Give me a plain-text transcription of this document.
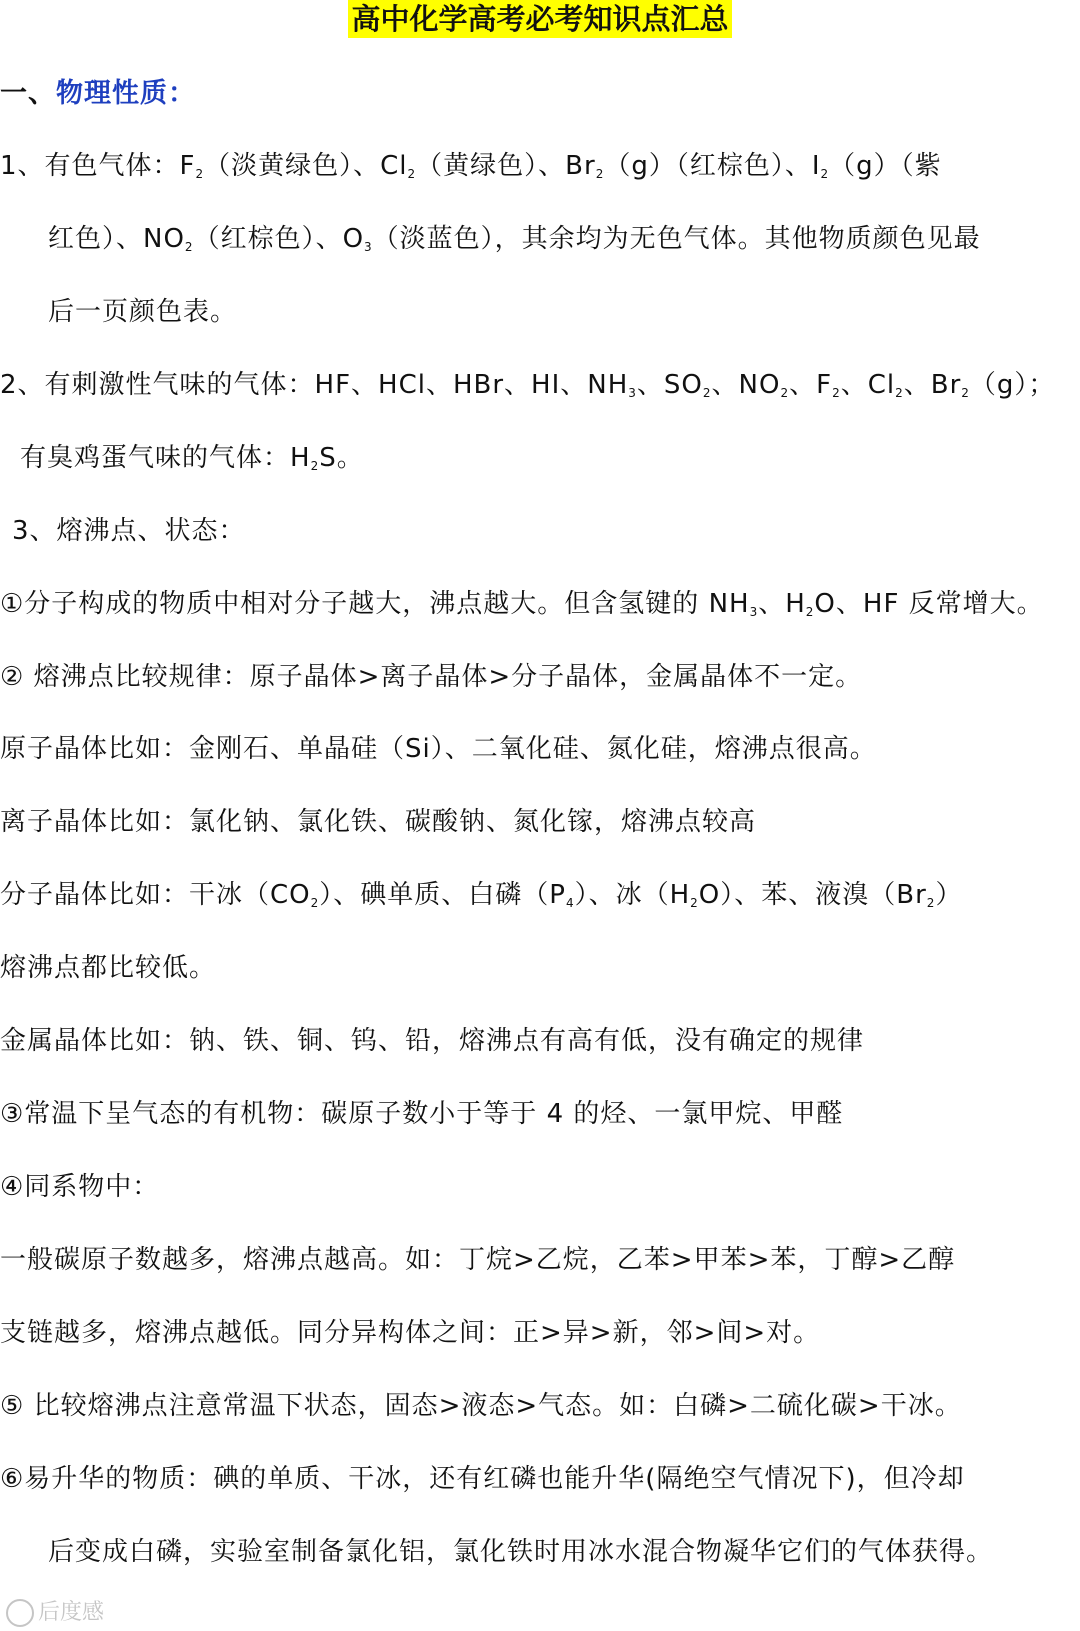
高中化学高考必考知识点汇总
一、物理性质：
1、有色气体：$F_2$（淡黄绿色）、$Cl_2$（黄绿色）、$Br_2(g)$（红棕色）、$I_2(g)$（紫
红色）、$NO_2$（红棕色）、$O_3$（淡蓝色），其余均为无色气体。其他物质颜色见最
后一页颜色表。
2、有刺激性气味的气体：HF、HCl、HBr、HI、$NH_3$、$SO_2$、$NO_2$、$F_2$、$Cl_2$、$Br_2(g)$；
有臭鸡蛋气味的气体：$H_2S$。
3、熔沸点、状态：
①分子构成的物质中相对分子越大，沸点越大。但含氢键的 $NH_3$、$H_2O$、HF 反常增大。
② 熔沸点比较规律：原子晶体>离子晶体>分子晶体，金属晶体不一定。
原子晶体比如：金刚石、单晶硅（Si）、二氧化硅、氮化硅，熔沸点很高。
离子晶体比如：氯化钠、氯化铁、碳酸钠、氮化镓，熔沸点较高
分子晶体比如：干冰$(CO_2)$、碘单质、白磷$(P_4)$、冰$(H_2O)$、苯、液溴$(Br_2)$
熔沸点都比较低。
金属晶体比如：钠、铁、铜、钨、铅，熔沸点有高有低，没有确定的规律
③常温下呈气态的有机物：碳原子数小于等于 4 的烃、一氯甲烷、甲醛
④同系物中：
一般碳原子数越多，熔沸点越高。如：丁烷>乙烷，乙苯>甲苯>苯，丁醇>乙醇
支链越多，熔沸点越低。同分异构体之间：正>异>新，邻>间>对。
⑤ 比较熔沸点注意常温下状态，固态>液态>气态。如：白磷>二硫化碳>干冰。
⑥易升华的物质：碘的单质、干冰，还有红磷也能升华(隔绝空气情况下)，但冷却
后变成白磷，实验室制备氯化铝，氯化铁时用冰水混合物凝华它们的气体获得。
后度感
